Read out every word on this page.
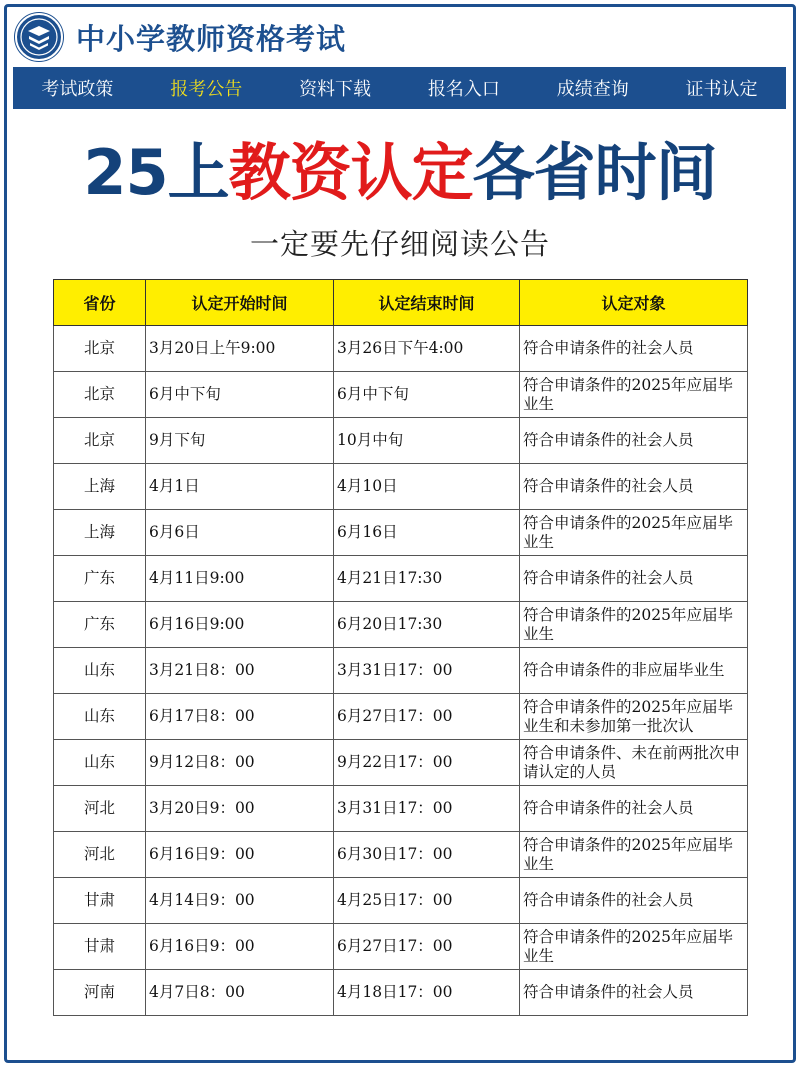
中小学教师资格考试
考试政策	报考公告	资料下载	报名入口	成绩查询	证书认定
25上教资认定各省时间
一定要先仔细阅读公告
省份	认定开始时间	认定结束时间	认定对象
北京	3月20日上午9:00	3月26日下午4:00	符合申请条件的社会人员
北京	6月中下旬	6月中下旬	符合申请条件的2025年应届毕业生
北京	9月下旬	10月中旬	符合申请条件的社会人员
上海	4月1日	4月10日	符合申请条件的社会人员
上海	6月6日	6月16日	符合申请条件的2025年应届毕业生
广东	4月11日9:00	4月21日17:30	符合申请条件的社会人员
广东	6月16日9:00	6月20日17:30	符合申请条件的2025年应届毕业生
山东	3月21日8：00	3月31日17：00	符合申请条件的非应届毕业生
山东	6月17日8：00	6月27日17：00	符合申请条件的2025年应届毕业生和未参加第一批次认
山东	9月12日8：00	9月22日17：00	符合申请条件、未在前两批次申请认定的人员
河北	3月20日9：00	3月31日17：00	符合申请条件的社会人员
河北	6月16日9：00	6月30日17：00	符合申请条件的2025年应届毕业生
甘肃	4月14日9：00	4月25日17：00	符合申请条件的社会人员
甘肃	6月16日9：00	6月27日17：00	符合申请条件的2025年应届毕业生
河南	4月7日8：00	4月18日17：00	符合申请条件的社会人员
